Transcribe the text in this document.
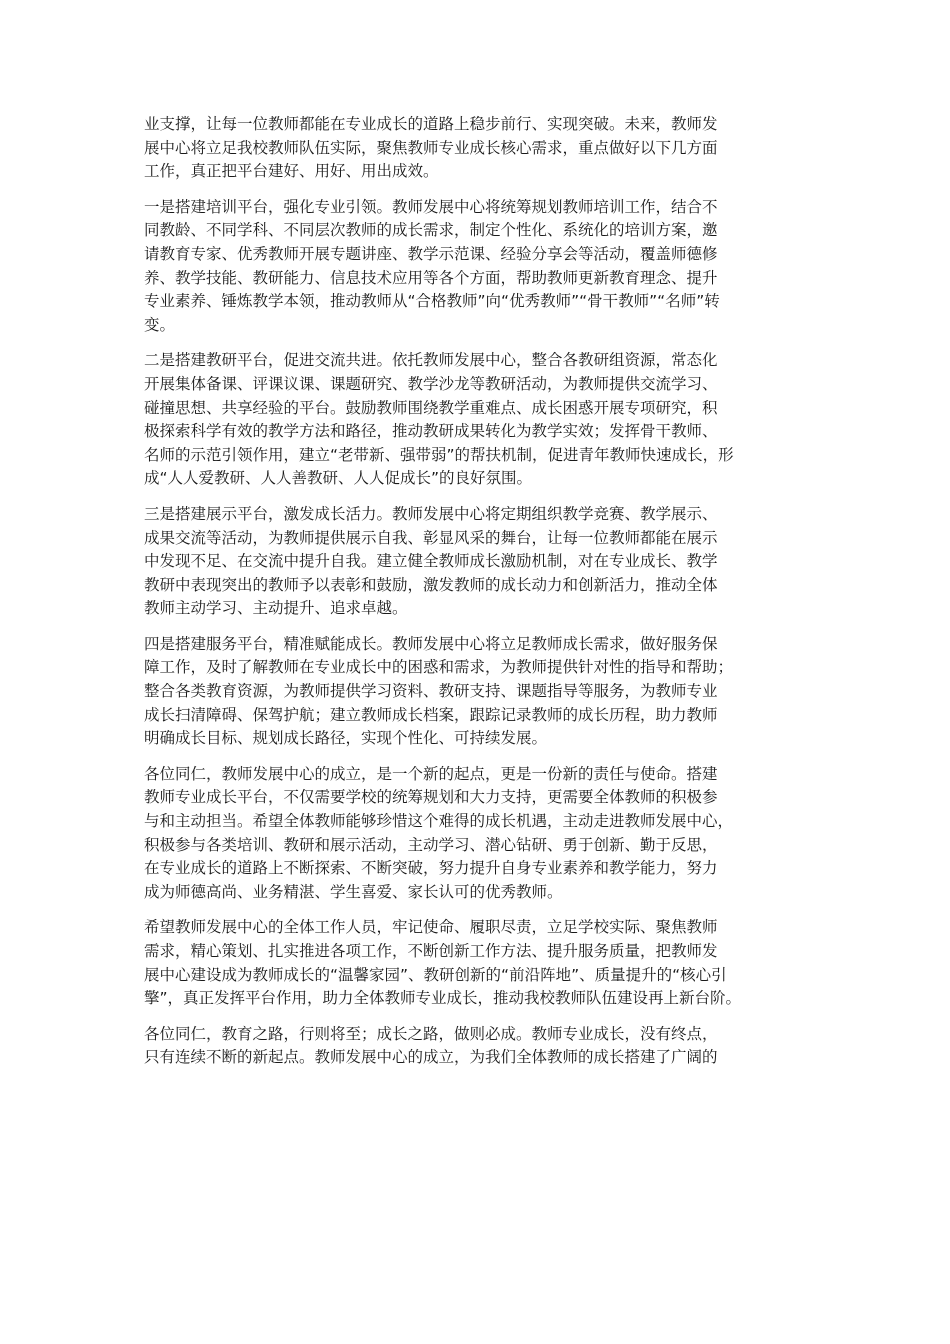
业支撑，让每一位教师都能在专业成长的道路上稳步前行、实现突破。未来，教师发
展中心将立足我校教师队伍实际，聚焦教师专业成长核心需求，重点做好以下几方面
工作，真正把平台建好、用好、用出成效。
一是搭建培训平台，强化专业引领。教师发展中心将统筹规划教师培训工作，结合不
同教龄、不同学科、不同层次教师的成长需求，制定个性化、系统化的培训方案，邀
请教育专家、优秀教师开展专题讲座、教学示范课、经验分享会等活动，覆盖师德修
养、教学技能、教研能力、信息技术应用等各个方面，帮助教师更新教育理念、提升
专业素养、锤炼教学本领，推动教师从“合格教师”向“优秀教师”“骨干教师”“名师”转
变。
二是搭建教研平台，促进交流共进。依托教师发展中心，整合各教研组资源，常态化
开展集体备课、评课议课、课题研究、教学沙龙等教研活动，为教师提供交流学习、
碰撞思想、共享经验的平台。鼓励教师围绕教学重难点、成长困惑开展专项研究，积
极探索科学有效的教学方法和路径，推动教研成果转化为教学实效；发挥骨干教师、
名师的示范引领作用，建立“老带新、强带弱”的帮扶机制，促进青年教师快速成长，形
成“人人爱教研、人人善教研、人人促成长”的良好氛围。
三是搭建展示平台，激发成长活力。教师发展中心将定期组织教学竞赛、教学展示、
成果交流等活动，为教师提供展示自我、彰显风采的舞台，让每一位教师都能在展示
中发现不足、在交流中提升自我。建立健全教师成长激励机制，对在专业成长、教学
教研中表现突出的教师予以表彰和鼓励，激发教师的成长动力和创新活力，推动全体
教师主动学习、主动提升、追求卓越。
四是搭建服务平台，精准赋能成长。教师发展中心将立足教师成长需求，做好服务保
障工作，及时了解教师在专业成长中的困惑和需求，为教师提供针对性的指导和帮助；
整合各类教育资源，为教师提供学习资料、教研支持、课题指导等服务，为教师专业
成长扫清障碍、保驾护航；建立教师成长档案，跟踪记录教师的成长历程，助力教师
明确成长目标、规划成长路径，实现个性化、可持续发展。
各位同仁，教师发展中心的成立，是一个新的起点，更是一份新的责任与使命。搭建
教师专业成长平台，不仅需要学校的统筹规划和大力支持，更需要全体教师的积极参
与和主动担当。希望全体教师能够珍惜这个难得的成长机遇，主动走进教师发展中心，
积极参与各类培训、教研和展示活动，主动学习、潜心钻研、勇于创新、勤于反思，
在专业成长的道路上不断探索、不断突破，努力提升自身专业素养和教学能力，努力
成为师德高尚、业务精湛、学生喜爱、家长认可的优秀教师。
希望教师发展中心的全体工作人员，牢记使命、履职尽责，立足学校实际、聚焦教师
需求，精心策划、扎实推进各项工作，不断创新工作方法、提升服务质量，把教师发
展中心建设成为教师成长的“温馨家园”、教研创新的“前沿阵地”、质量提升的“核心引
擎”，真正发挥平台作用，助力全体教师专业成长，推动我校教师队伍建设再上新台阶。
各位同仁，教育之路，行则将至；成长之路，做则必成。教师专业成长，没有终点，
只有连续不断的新起点。教师发展中心的成立，为我们全体教师的成长搭建了广阔的
